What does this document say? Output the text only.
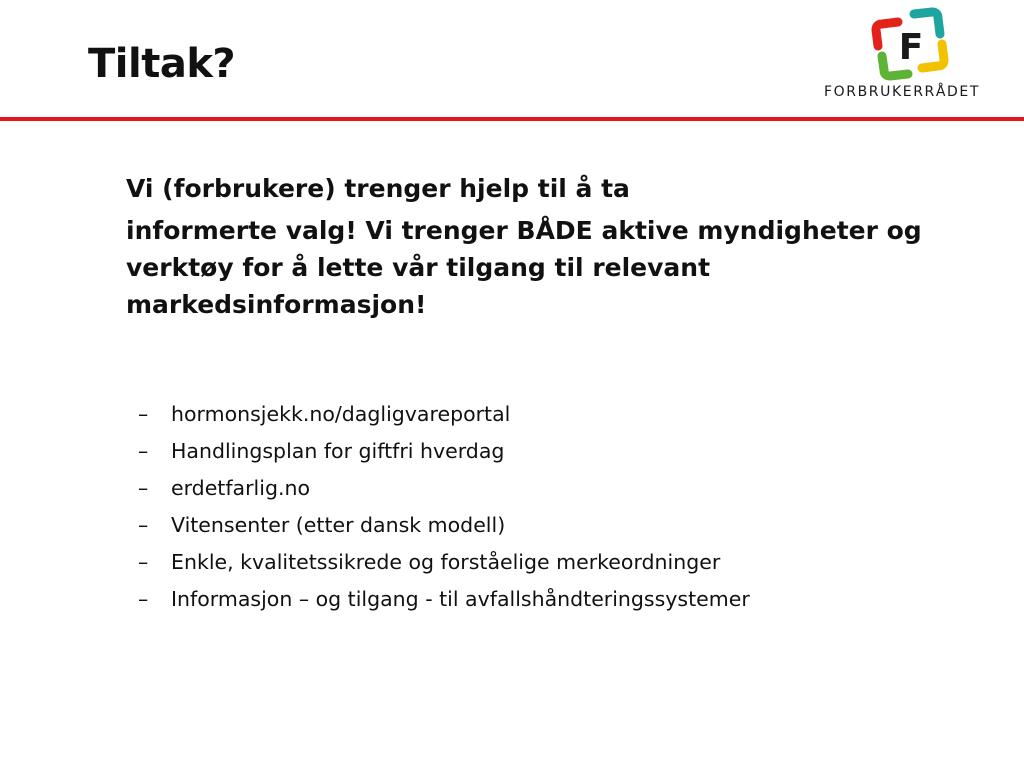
Tiltak?	F
FORBRUKERRÅDET

Vi (forbrukere) trenger hjelp til å ta

informerte valg! Vi trenger BÅDE aktive myndigheter og verktøy for å lette vår tilgang til relevant markedsinformasjon!

– hormonsjekk.no/dagligvareportal
– Handlingsplan for giftfri hverdag
– erdetfarlig.no
– Vitensenter (etter dansk modell)
– Enkle, kvalitetssikrede og forståelige merkeordninger
– Informasjon – og tilgang - til avfallshåndteringssystemer
